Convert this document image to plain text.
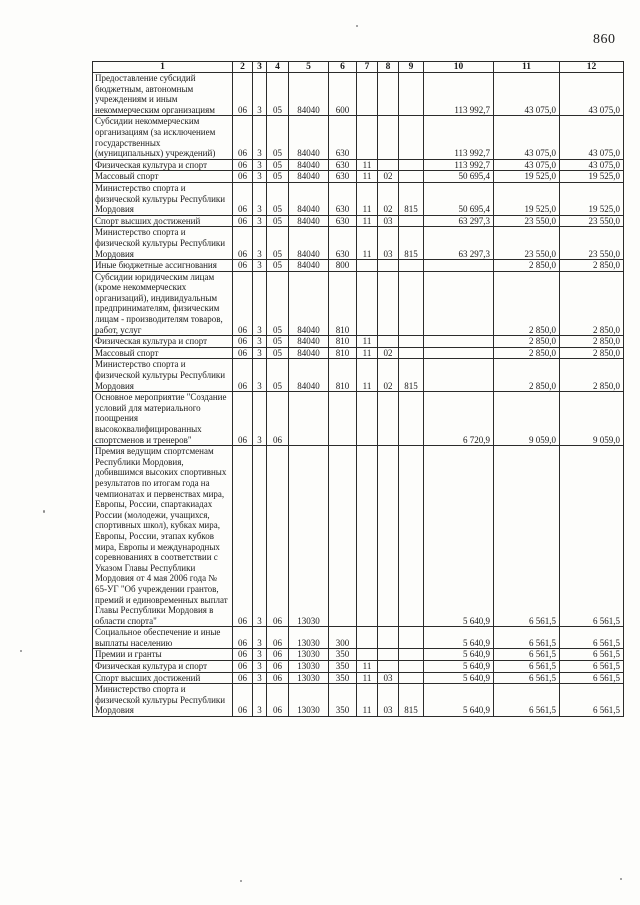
860
1	2	3	4	5	6	7	8	9	10	11	12
Предоставление субсидий бюджетным, автономным учреждениям и иным некоммерческим организациям	06	3	05	84040	600				113 992,7	43 075,0	43 075,0
Субсидии некоммерческим организациям (за исключением государственных (муниципальных) учреждений)	06	3	05	84040	630				113 992,7	43 075,0	43 075,0
Физическая культура и спорт	06	3	05	84040	630	11			113 992,7	43 075,0	43 075,0
Массовый спорт	06	3	05	84040	630	11	02		50 695,4	19 525,0	19 525,0
Министерство спорта и физической культуры Республики Мордовия	06	3	05	84040	630	11	02	815	50 695,4	19 525,0	19 525,0
Спорт высших достижений	06	3	05	84040	630	11	03		63 297,3	23 550,0	23 550,0
Министерство спорта и физической культуры Республики Мордовия	06	3	05	84040	630	11	03	815	63 297,3	23 550,0	23 550,0
Иные бюджетные ассигнования	06	3	05	84040	800					2 850,0	2 850,0
Субсидии юридическим лицам (кроме некоммерческих организаций), индивидуальным предпринимателям, физическим лицам - производителям товаров, работ, услуг	06	3	05	84040	810					2 850,0	2 850,0
Физическая культура и спорт	06	3	05	84040	810	11				2 850,0	2 850,0
Массовый спорт	06	3	05	84040	810	11	02			2 850,0	2 850,0
Министерство спорта и физической культуры Республики Мордовия	06	3	05	84040	810	11	02	815		2 850,0	2 850,0
Основное мероприятие "Создание условий для материального поощрения высококвалифицированных спортсменов и тренеров"	06	3	06						6 720,9	9 059,0	9 059,0
Премия ведущим спортсменам Республики Мордовия, добившимся высоких спортивных результатов по итогам года на чемпионатах и первенствах мира, Европы, России, спартакиадах России (молодежи, учащихся, спортивных школ), кубках мира, Европы, России, этапах кубков мира, Европы и международных соревнованиях в соответствии с Указом Главы Республики Мордовия от 4 мая 2006 года № 65-УГ "Об учреждении грантов, премий и единовременных выплат Главы Республики Мордовия в области спорта"	06	3	06	13030					5 640,9	6 561,5	6 561,5
Социальное обеспечение и иные выплаты населению	06	3	06	13030	300				5 640,9	6 561,5	6 561,5
Премии и гранты	06	3	06	13030	350				5 640,9	6 561,5	6 561,5
Физическая культура и спорт	06	3	06	13030	350	11			5 640,9	6 561,5	6 561,5
Спорт высших достижений	06	3	06	13030	350	11	03		5 640,9	6 561,5	6 561,5
Министерство спорта и физической культуры Республики Мордовия	06	3	06	13030	350	11	03	815	5 640,9	6 561,5	6 561,5
